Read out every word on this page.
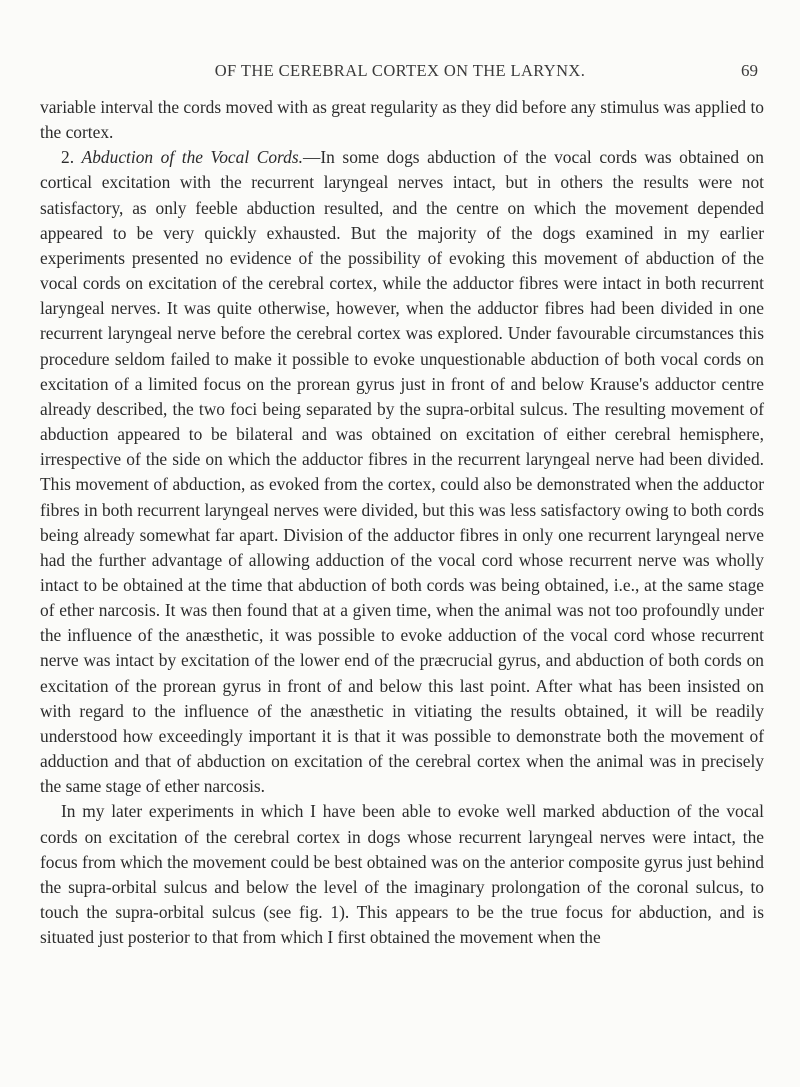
OF THE CEREBRAL CORTEX ON THE LARYNX.	69

variable interval the cords moved with as great regularity as they did before any stimulus was applied to the cortex.

2. Abduction of the Vocal Cords.—In some dogs abduction of the vocal cords was obtained on cortical excitation with the recurrent laryngeal nerves intact, but in others the results were not satisfactory, as only feeble abduction resulted, and the centre on which the movement depended appeared to be very quickly exhausted. But the majority of the dogs examined in my earlier experiments presented no evidence of the possibility of evoking this movement of abduction of the vocal cords on excitation of the cerebral cortex, while the adductor fibres were intact in both recurrent laryngeal nerves. It was quite otherwise, however, when the adductor fibres had been divided in one recurrent laryngeal nerve before the cerebral cortex was explored. Under favourable circumstances this procedure seldom failed to make it possible to evoke unquestionable abduction of both vocal cords on excitation of a limited focus on the prorean gyrus just in front of and below Krause's adductor centre already described, the two foci being separated by the supra-orbital sulcus. The resulting movement of abduction appeared to be bilateral and was obtained on excitation of either cerebral hemisphere, irrespective of the side on which the adductor fibres in the recurrent laryngeal nerve had been divided. This movement of abduction, as evoked from the cortex, could also be demonstrated when the adductor fibres in both recurrent laryngeal nerves were divided, but this was less satisfactory owing to both cords being already somewhat far apart. Division of the adductor fibres in only one recurrent laryngeal nerve had the further advantage of allowing adduction of the vocal cord whose recurrent nerve was wholly intact to be obtained at the time that abduction of both cords was being obtained, i.e., at the same stage of ether narcosis. It was then found that at a given time, when the animal was not too profoundly under the influence of the anæsthetic, it was possible to evoke adduction of the vocal cord whose recurrent nerve was intact by excitation of the lower end of the præcrucial gyrus, and abduction of both cords on excitation of the prorean gyrus in front of and below this last point. After what has been insisted on with regard to the influence of the anæsthetic in vitiating the results obtained, it will be readily understood how exceedingly important it is that it was possible to demonstrate both the movement of adduction and that of abduction on excitation of the cerebral cortex when the animal was in precisely the same stage of ether narcosis.

In my later experiments in which I have been able to evoke well marked abduction of the vocal cords on excitation of the cerebral cortex in dogs whose recurrent laryngeal nerves were intact, the focus from which the movement could be best obtained was on the anterior composite gyrus just behind the supra-orbital sulcus and below the level of the imaginary prolongation of the coronal sulcus, to touch the supra-orbital sulcus (see fig. 1). This appears to be the true focus for abduction, and is situated just posterior to that from which I first obtained the movement when the
